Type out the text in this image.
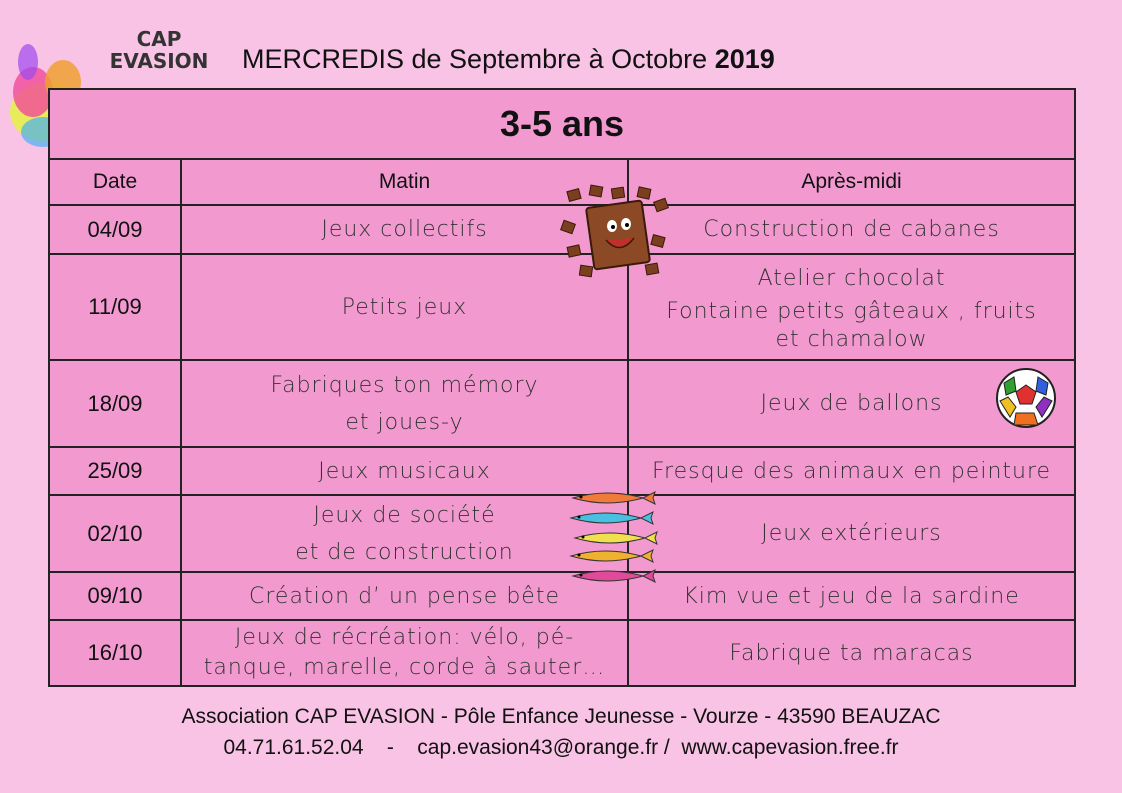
CAP
EVASION MERCREDIS de Septembre à Octobre 2019
3-5 ans		
Date	Matin	Après-midi
04/09	Jeux collectifs	Construction de cabanes

11/09	Petits jeux	Atelier chocolat
Fontaine petits gâteaux , fruits
et chamalow

18/09	Fabriques ton mémory
et joues-y	Jeux de ballons

25/09	Jeux musicaux	Fresque des animaux en peinture

02/10	Jeux de société
et de construction	Jeux extérieurs

09/10	Création d’ un pense bête	Kim vue et jeu de la sardine

16/10	Jeux de récréation: vélo, pé-
tanque, marelle, corde à sauter…	Fabrique ta maracas
Association CAP EVASION - Pôle Enfance Jeunesse - Vourze - 43590 BEAUZAC
04.71.61.52.04    -    cap.evasion43@orange.fr /  www.capevasion.free.fr
